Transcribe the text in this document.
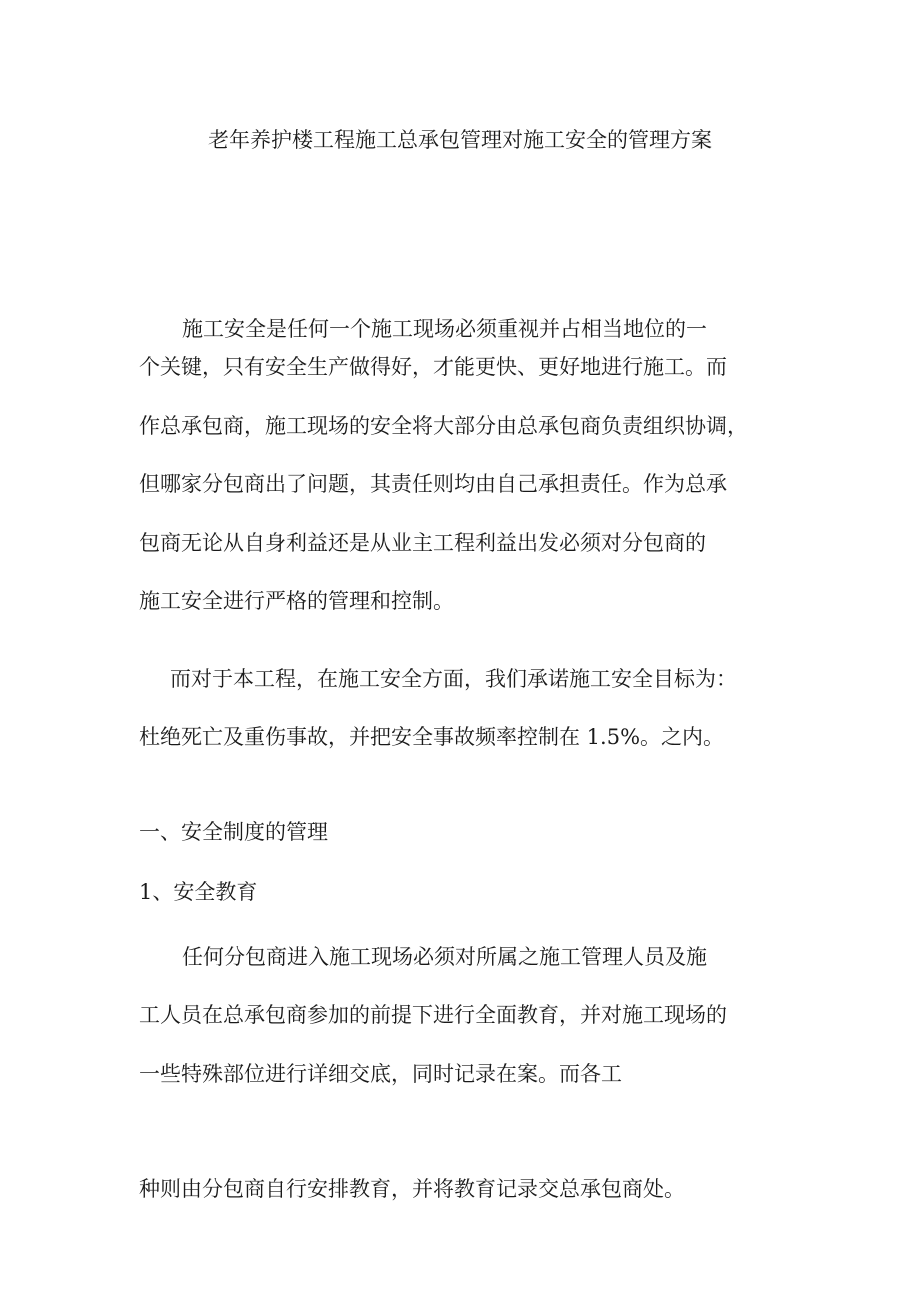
老年养护楼工程施工总承包管理对施工安全的管理方案
施工安全是任何一个施工现场必须重视并占相当地位的一
个关键，只有安全生产做得好，才能更快、更好地进行施工。而
作总承包商，施工现场的安全将大部分由总承包商负责组织协调，
但哪家分包商出了问题，其责任则均由自己承担责任。作为总承
包商无论从自身利益还是从业主工程利益出发必须对分包商的
施工安全进行严格的管理和控制。
而对于本工程，在施工安全方面，我们承诺施工安全目标为：
杜绝死亡及重伤事故，并把安全事故频率控制在 1.5%。之内。
一、安全制度的管理
1、安全教育
任何分包商进入施工现场必须对所属之施工管理人员及施
工人员在总承包商参加的前提下进行全面教育，并对施工现场的
一些特殊部位进行详细交底，同时记录在案。而各工
种则由分包商自行安排教育，并将教育记录交总承包商处。
